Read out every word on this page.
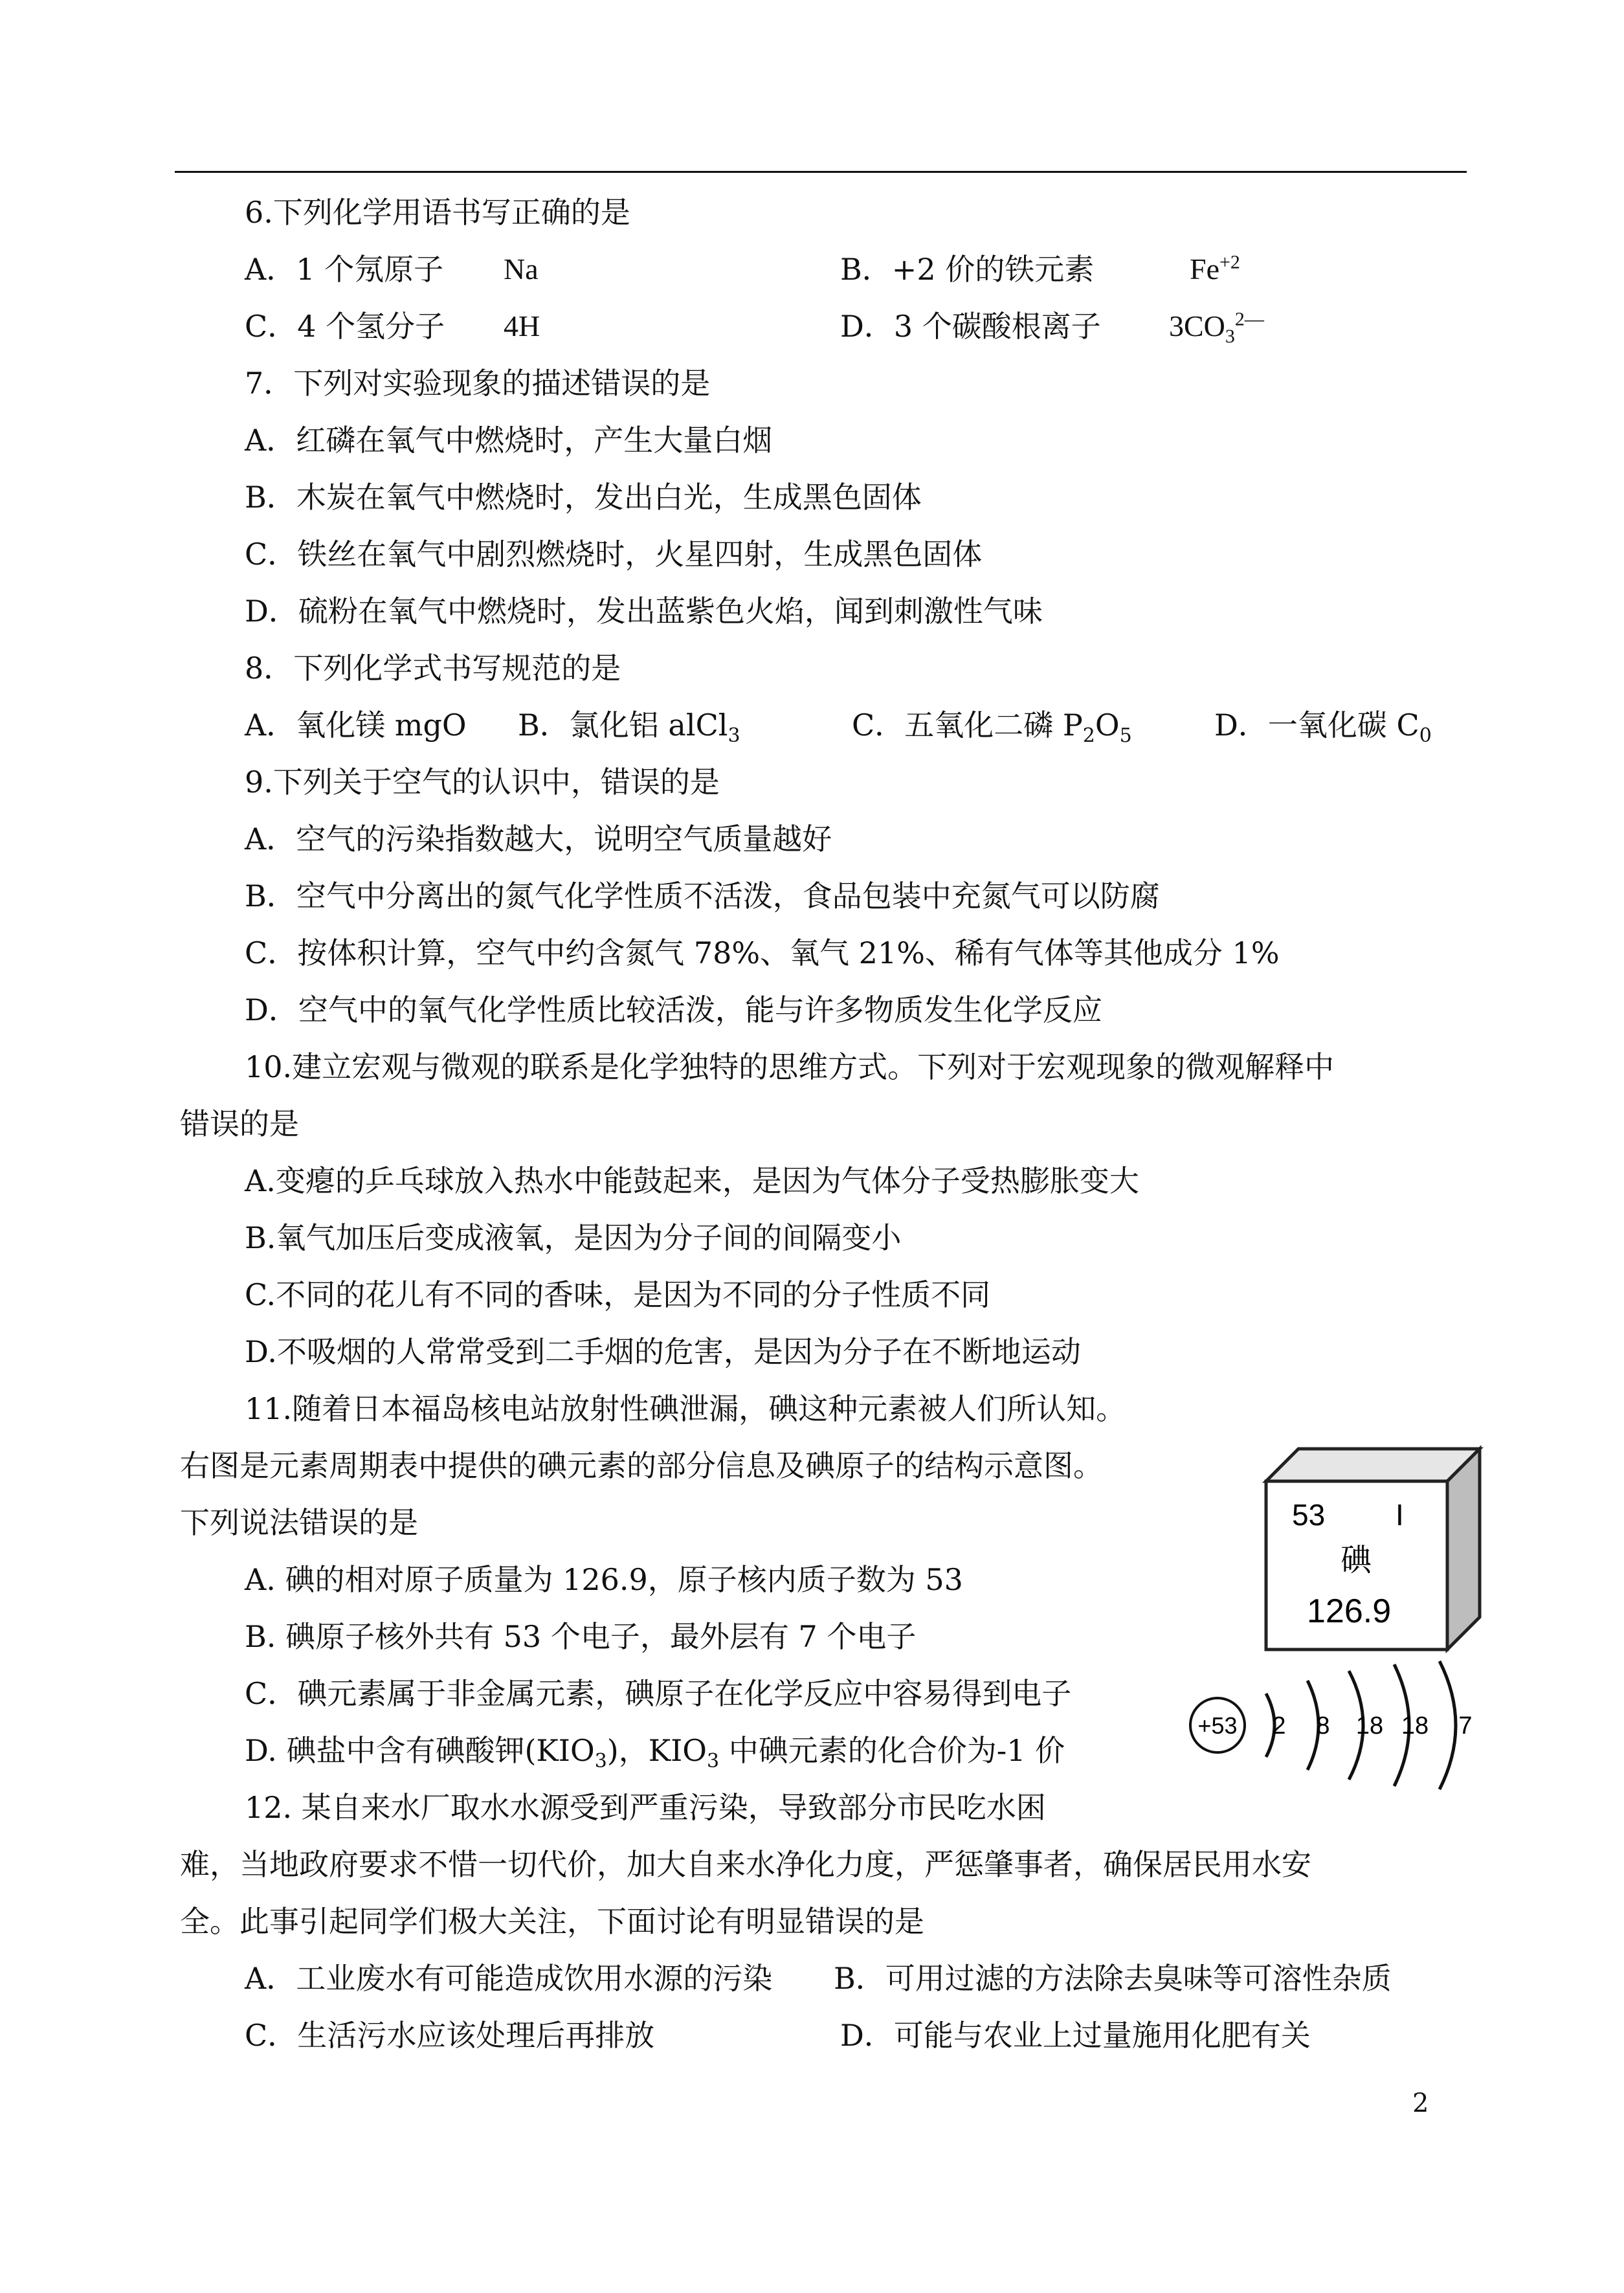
6.下列化学用语书写正确的是
A．1 个氖原子 Na	B．+2 价的铁元素	$Fe^{+2}$
C．4 个氢分子 4H	D．3 个碳酸根离子 $3CO_3^{2—}$
7．下列对实验现象的描述错误的是
A．红磷在氧气中燃烧时，产生大量白烟
B．木炭在氧气中燃烧时，发出白光，生成黑色固体
C．铁丝在氧气中剧烈燃烧时，火星四射，生成黑色固体
D．硫粉在氧气中燃烧时，发出蓝紫色火焰，闻到刺激性气味
8．下列化学式书写规范的是
A．氧化镁 mgO B．氯化铝 alCl$_3$	C．五氧化二磷 $P_2O_5$	D．一氧化碳 $C_0$
9.下列关于空气的认识中，错误的是
A．空气的污染指数越大，说明空气质量越好
B．空气中分离出的氮气化学性质不活泼，食品包装中充氮气可以防腐
C．按体积计算，空气中约含氮气 78%、氧气 21%、稀有气体等其他成分 1%
D．空气中的氧气化学性质比较活泼，能与许多物质发生化学反应
10.建立宏观与微观的联系是化学独特的思维方式。下列对于宏观现象的微观解释中
错误的是
A.变瘪的乒乓球放入热水中能鼓起来，是因为气体分子受热膨胀变大
B.氧气加压后变成液氧，是因为分子间的间隔变小
C.不同的花儿有不同的香味，是因为不同的分子性质不同
D.不吸烟的人常常受到二手烟的危害，是因为分子在不断地运动
11.随着日本福岛核电站放射性碘泄漏，碘这种元素被人们所认知。
右图是元素周期表中提供的碘元素的部分信息及碘原子的结构示意图。
下列说法错误的是
A. 碘的相对原子质量为 126.9，原子核内质子数为 53
B. 碘原子核外共有 53 个电子，最外层有 7 个电子
C．碘元素属于非金属元素，碘原子在化学反应中容易得到电子
D. 碘盐中含有碘酸钾$(KIO_3)$，$KIO_3$ 中碘元素的化合价为-1 价
53 I
碘
126.9
+53 2 8 18 18 7
12. 某自来水厂取水水源受到严重污染，导致部分市民吃水困
难，当地政府要求不惜一切代价，加大自来水净化力度，严惩肇事者，确保居民用水安
全。此事引起同学们极大关注，下面讨论有明显错误的是
A．工业废水有可能造成饮用水源的污染 B．可用过滤的方法除去臭味等可溶性杂质
C．生活污水应该处理后再排放	D．可能与农业上过量施用化肥有关
2
